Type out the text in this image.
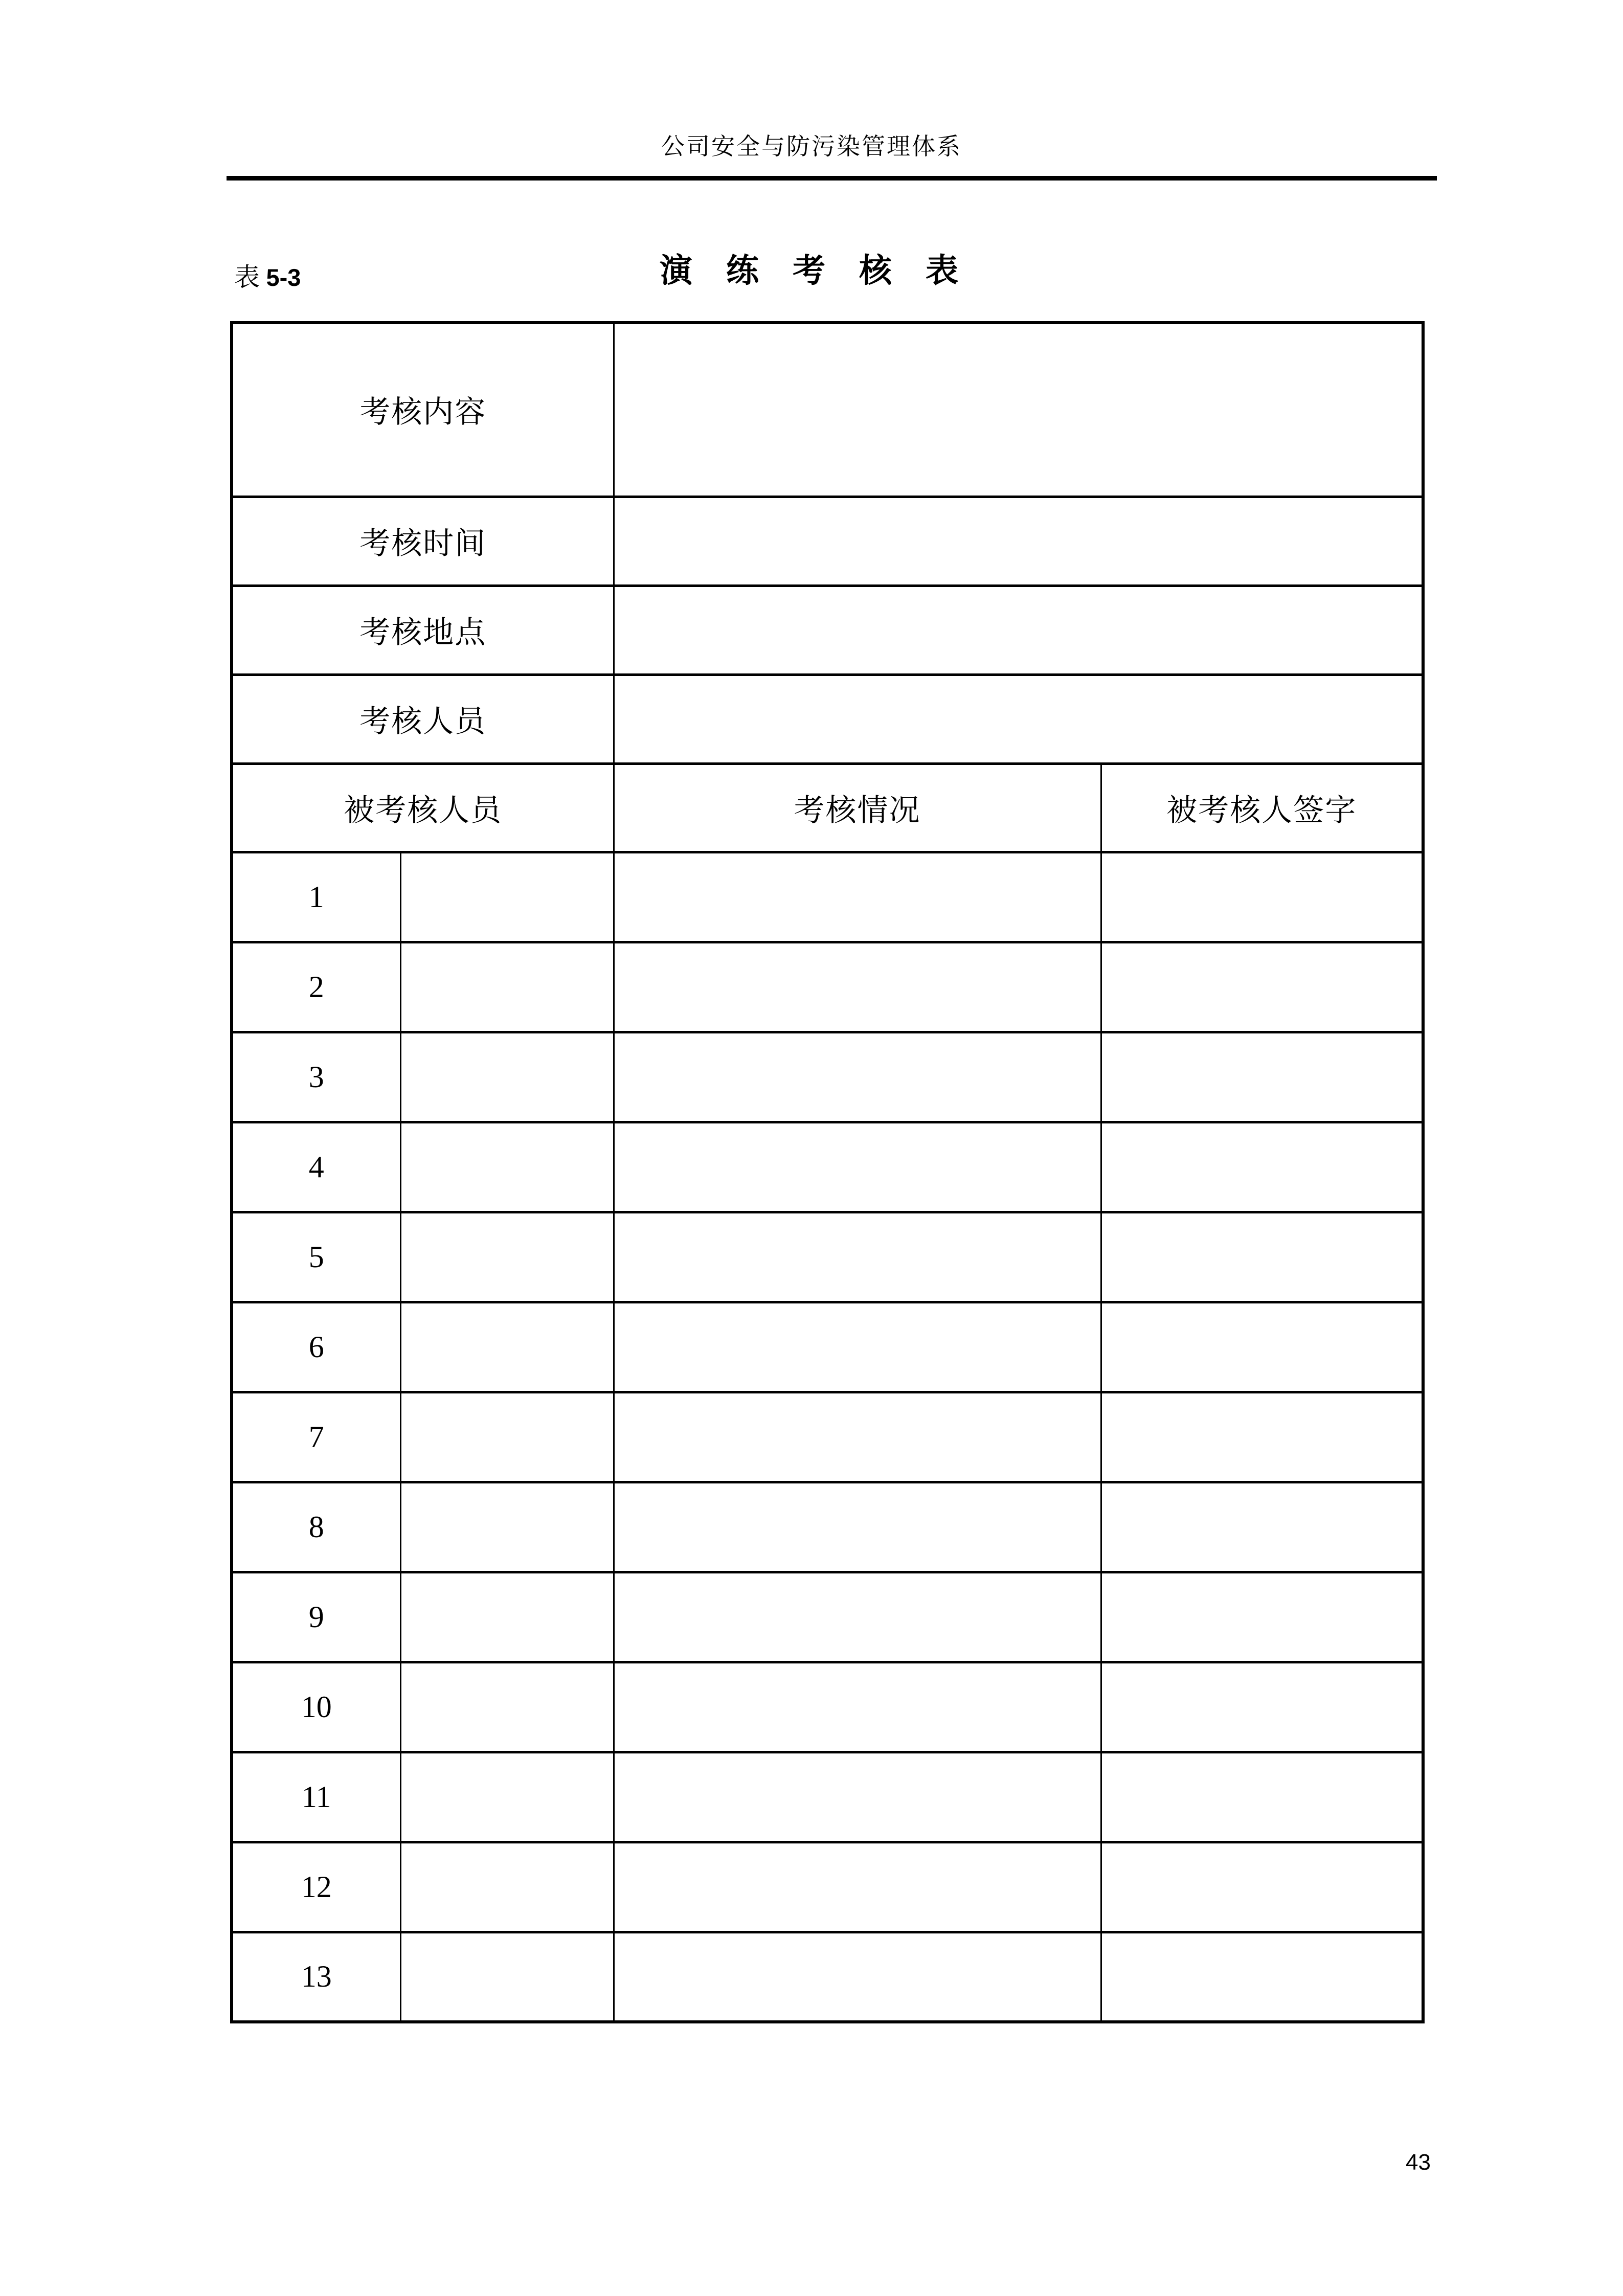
公司安全与防污染管理体系
表 5-3	演 练 考 核 表
考核内容			
考核时间			
考核地点			
考核人员			
被考核人员		考核情况	被考核人签字
1			
2			
3			
4			
5			
6			
7			
8			
9			
10			
11			
12			
13			
43
